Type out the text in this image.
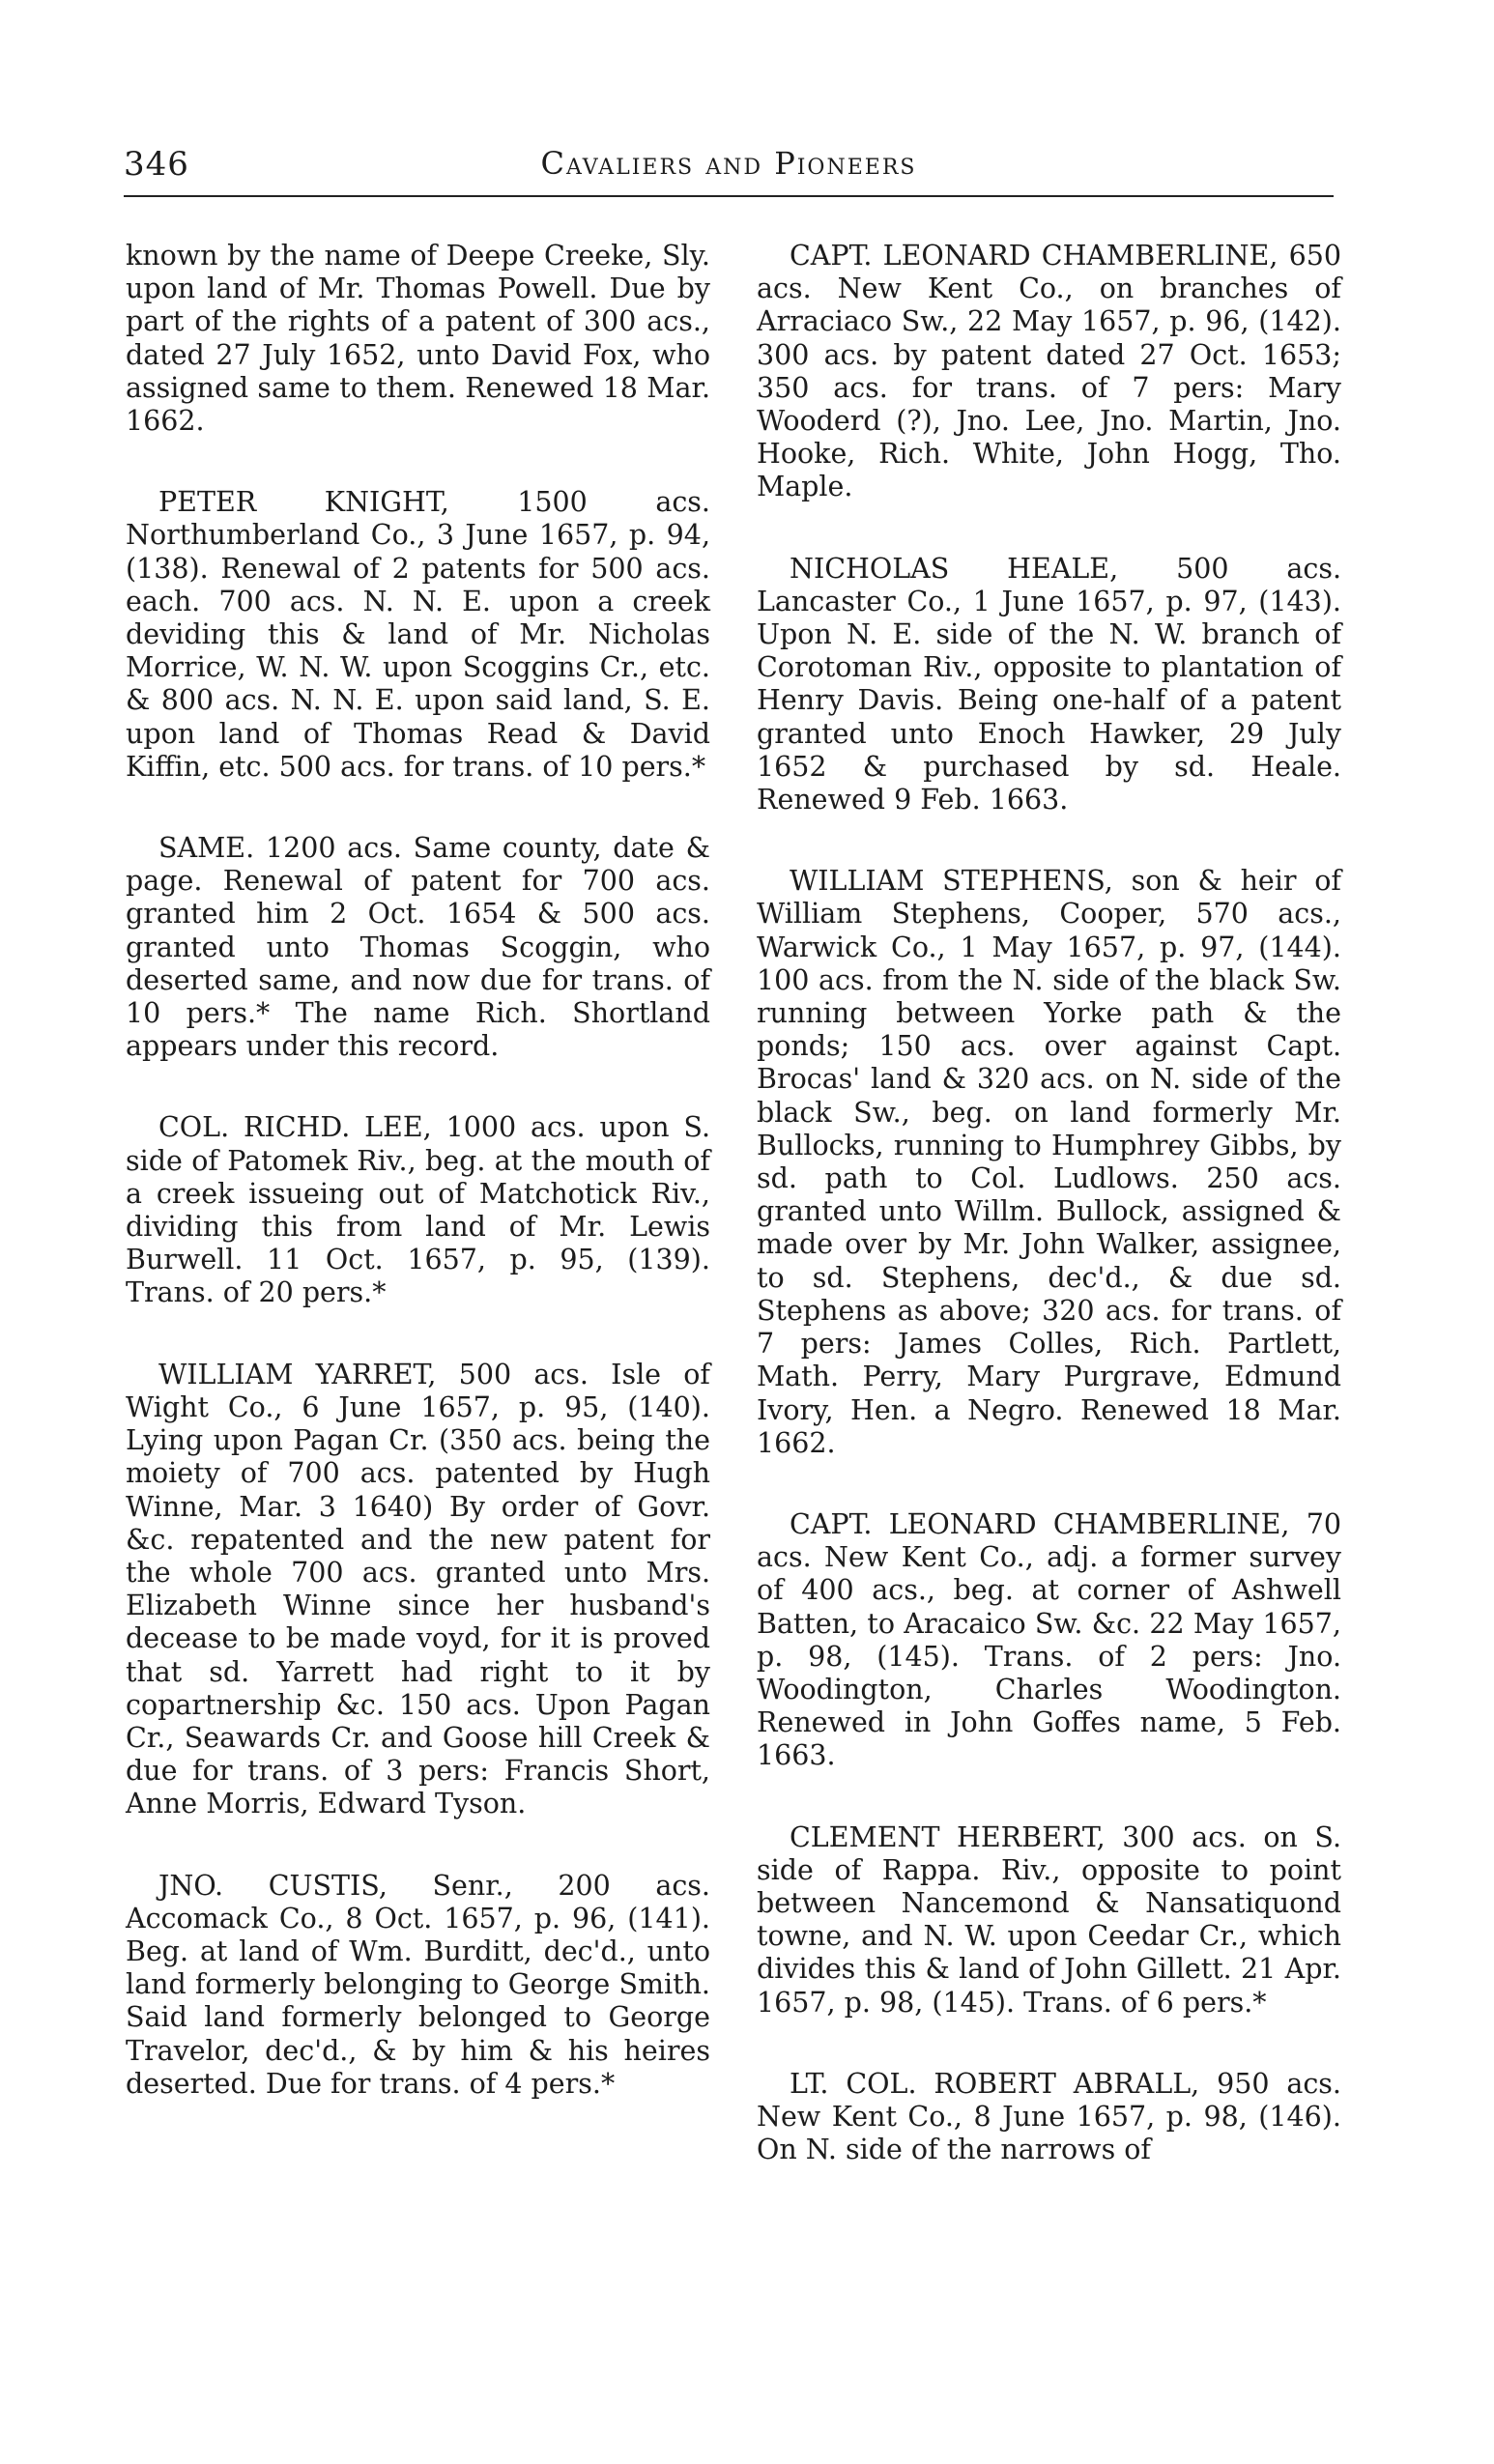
346	Cavaliers and Pioneers

known by the name of Deepe Creeke, Sly. upon land of Mr. Thomas Powell. Due by part of the rights of a patent of 300 acs., dated 27 July 1652, unto David Fox, who assigned same to them. Renewed 18 Mar. 1662.

PETER KNIGHT, 1500 acs. Northumberland Co., 3 June 1657, p. 94, (138). Renewal of 2 patents for 500 acs. each. 700 acs. N. N. E. upon a creek deviding this & land of Mr. Nicholas Morrice, W. N. W. upon Scoggins Cr., etc. & 800 acs. N. N. E. upon said land, S. E. upon land of Thomas Read & David Kiffin, etc. 500 acs. for trans. of 10 pers.*

SAME. 1200 acs. Same county, date & page. Renewal of patent for 700 acs. granted him 2 Oct. 1654 & 500 acs. granted unto Thomas Scoggin, who deserted same, and now due for trans. of 10 pers.* The name Rich. Shortland appears under this record.

COL. RICHD. LEE, 1000 acs. upon S. side of Patomek Riv., beg. at the mouth of a creek issueing out of Matchotick Riv., dividing this from land of Mr. Lewis Burwell. 11 Oct. 1657, p. 95, (139). Trans. of 20 pers.*

WILLIAM YARRET, 500 acs. Isle of Wight Co., 6 June 1657, p. 95, (140). Lying upon Pagan Cr. (350 acs. being the moiety of 700 acs. patented by Hugh Winne, Mar. 3 1640) By order of Govr. &c. repatented and the new patent for the whole 700 acs. granted unto Mrs. Elizabeth Winne since her husband's decease to be made voyd, for it is proved that sd. Yarrett had right to it by copartnership &c. 150 acs. Upon Pagan Cr., Seawards Cr. and Goose hill Creek & due for trans. of 3 pers: Francis Short, Anne Morris, Edward Tyson.

JNO. CUSTIS, Senr., 200 acs. Accomack Co., 8 Oct. 1657, p. 96, (141). Beg. at land of Wm. Burditt, dec'd., unto land formerly belonging to George Smith. Said land formerly belonged to George Travelor, dec'd., & by him & his heires deserted. Due for trans. of 4 pers.*

CAPT. LEONARD CHAMBERLINE, 650 acs. New Kent Co., on branches of Arraciaco Sw., 22 May 1657, p. 96, (142). 300 acs. by patent dated 27 Oct. 1653; 350 acs. for trans. of 7 pers: Mary Wooderd (?), Jno. Lee, Jno. Martin, Jno. Hooke, Rich. White, John Hogg, Tho. Maple.

NICHOLAS HEALE, 500 acs. Lancaster Co., 1 June 1657, p. 97, (143). Upon N. E. side of the N. W. branch of Corotoman Riv., opposite to plantation of Henry Davis. Being one-half of a patent granted unto Enoch Hawker, 29 July 1652 & purchased by sd. Heale. Renewed 9 Feb. 1663.

WILLIAM STEPHENS, son & heir of William Stephens, Cooper, 570 acs., Warwick Co., 1 May 1657, p. 97, (144). 100 acs. from the N. side of the black Sw. running between Yorke path & the ponds; 150 acs. over against Capt. Brocas' land & 320 acs. on N. side of the black Sw., beg. on land formerly Mr. Bullocks, running to Humphrey Gibbs, by sd. path to Col. Ludlows. 250 acs. granted unto Willm. Bullock, assigned & made over by Mr. John Walker, assignee, to sd. Stephens, dec'd., & due sd. Stephens as above; 320 acs. for trans. of 7 pers: James Colles, Rich. Partlett, Math. Perry, Mary Purgrave, Edmund Ivory, Hen. a Negro. Renewed 18 Mar. 1662.

CAPT. LEONARD CHAMBERLINE, 70 acs. New Kent Co., adj. a former survey of 400 acs., beg. at corner of Ashwell Batten, to Aracaico Sw. &c. 22 May 1657, p. 98, (145). Trans. of 2 pers: Jno. Woodington, Charles Woodington. Renewed in John Goffes name, 5 Feb. 1663.

CLEMENT HERBERT, 300 acs. on S. side of Rappa. Riv., opposite to point between Nancemond & Nansatiquond towne, and N. W. upon Ceedar Cr., which divides this & land of John Gillett. 21 Apr. 1657, p. 98, (145). Trans. of 6 pers.*

LT. COL. ROBERT ABRALL, 950 acs. New Kent Co., 8 June 1657, p. 98, (146). On N. side of the narrows of
